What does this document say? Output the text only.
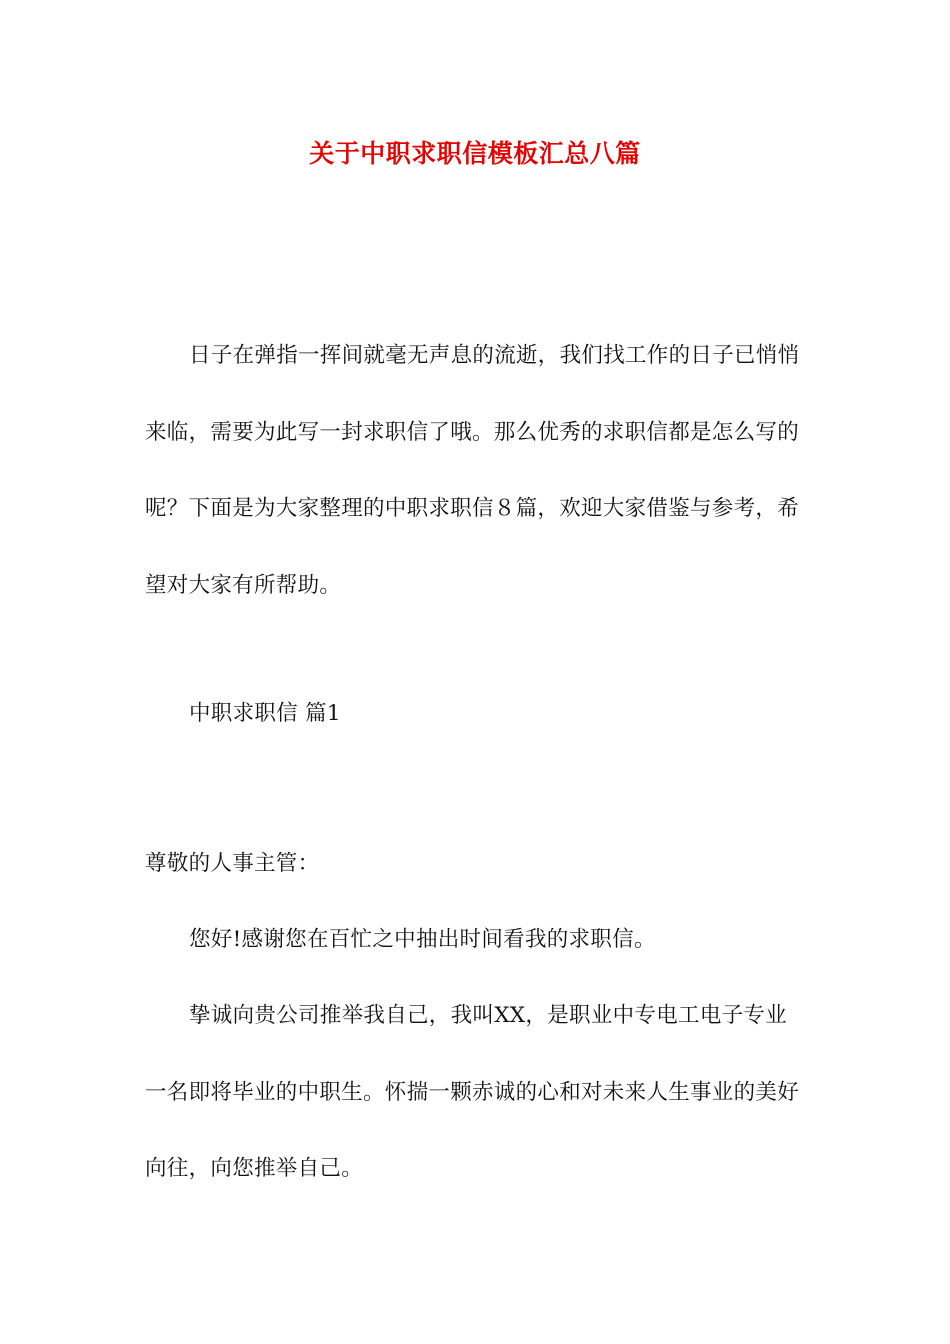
关于中职求职信模板汇总八篇

日子在弹指一挥间就毫无声息的流逝，我们找工作的日子已悄悄来临，需要为此写一封求职信了哦。那么优秀的求职信都是怎么写的呢？下面是为大家整理的中职求职信８篇，欢迎大家借鉴与参考，希望对大家有所帮助。

中职求职信 篇1

尊敬的人事主管：

您好!感谢您在百忙之中抽出时间看我的求职信。

挚诚向贵公司推举我自己，我叫XX，是职业中专电工电子专业一名即将毕业的中职生。怀揣一颗赤诚的心和对未来人生事业的美好向往，向您推举自己。
